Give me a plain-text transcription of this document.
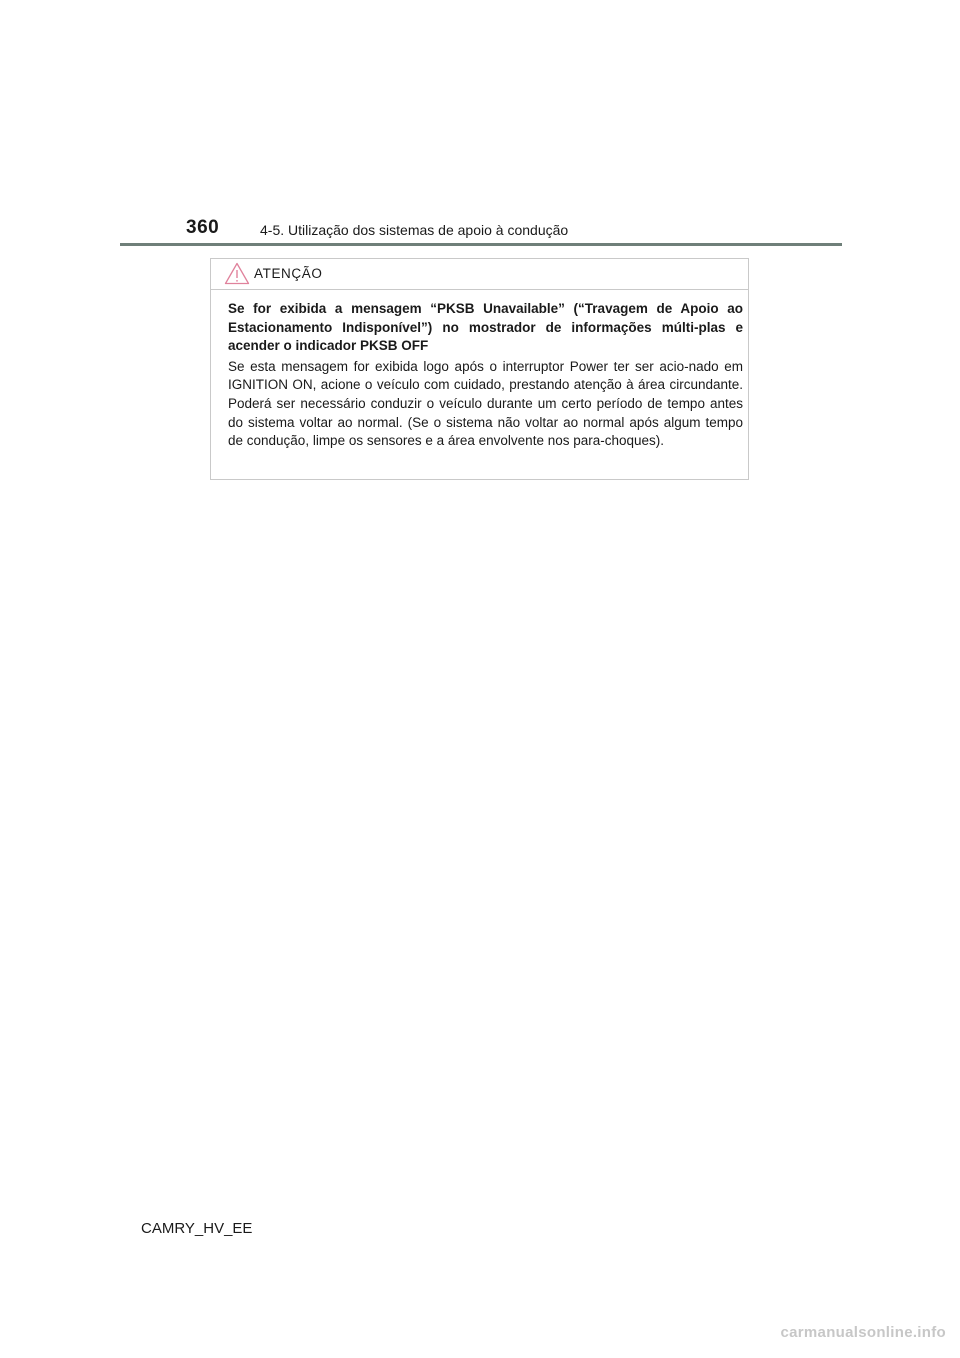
360	4-5. Utilização dos sistemas de apoio à condução
ATENÇÃO

Se for exibida a mensagem “PKSB Unavailable” (“Travagem de Apoio ao Estacionamento Indisponível”) no mostrador de informações múlti-plas e acender o indicador PKSB OFF

Se esta mensagem for exibida logo após o interruptor Power ter ser acio-nado em IGNITION ON, acione o veículo com cuidado, prestando atenção à área circundante. Poderá ser necessário conduzir o veículo durante um certo período de tempo antes do sistema voltar ao normal. (Se o sistema não voltar ao normal após algum tempo de condução, limpe os sensores e a área envolvente nos para-choques).

CAMRY_HV_EE
carmanualsonline.info
